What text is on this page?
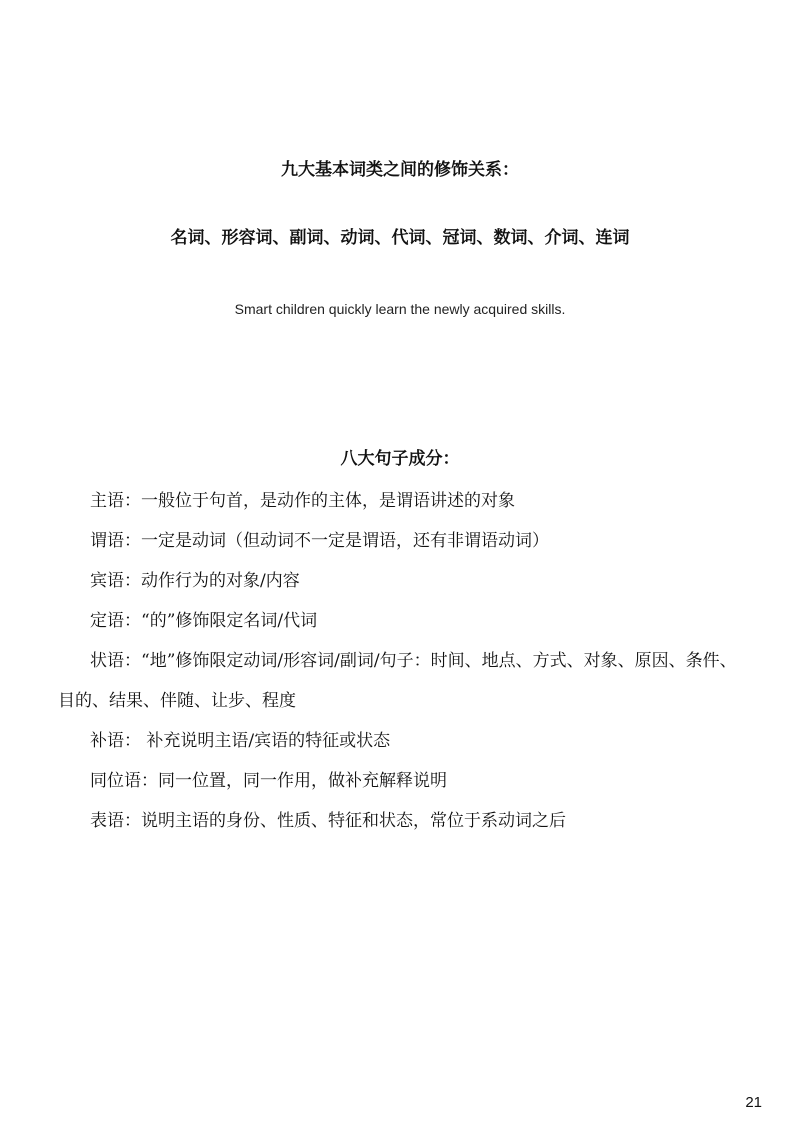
九大基本词类之间的修饰关系：
名词、形容词、副词、动词、代词、冠词、数词、介词、连词
Smart children quickly learn the newly acquired skills.
八大句子成分：
主语：一般位于句首，是动作的主体，是谓语讲述的对象
谓语：一定是动词（但动词不一定是谓语，还有非谓语动词）
宾语：动作行为的对象/内容
定语：“的”修饰限定名词/代词
状语：“地”修饰限定动词/形容词/副词/句子：时间、地点、方式、对象、原因、条件、目的、结果、伴随、让步、程度
补语： 补充说明主语/宾语的特征或状态
同位语：同一位置，同一作用，做补充解释说明
表语：说明主语的身份、性质、特征和状态，常位于系动词之后
21
